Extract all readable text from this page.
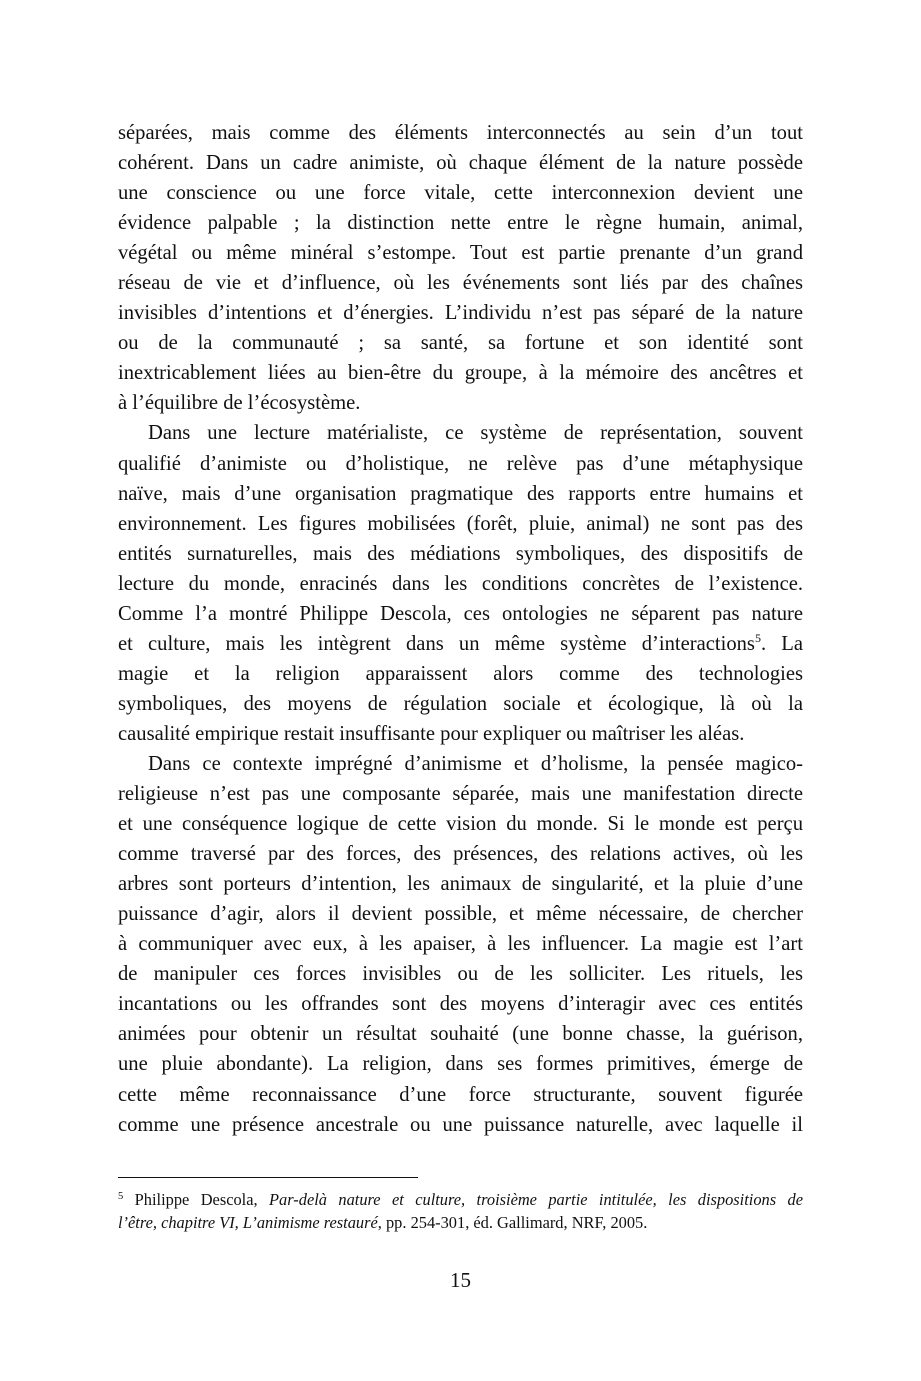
séparées, mais comme des éléments interconnectés au sein d’un tout
cohérent. Dans un cadre animiste, où chaque élément de la nature possède
une conscience ou une force vitale, cette interconnexion devient une
évidence palpable ; la distinction nette entre le règne humain, animal,
végétal ou même minéral s’estompe. Tout est partie prenante d’un grand
réseau de vie et d’influence, où les événements sont liés par des chaînes
invisibles d’intentions et d’énergies. L’individu n’est pas séparé de la nature
ou de la communauté ; sa santé, sa fortune et son identité sont
inextricablement liées au bien-être du groupe, à la mémoire des ancêtres et
à l’équilibre de l’écosystème.

Dans une lecture matérialiste, ce système de représentation, souvent
qualifié d’animiste ou d’holistique, ne relève pas d’une métaphysique
naïve, mais d’une organisation pragmatique des rapports entre humains et
environnement. Les figures mobilisées (forêt, pluie, animal) ne sont pas des
entités surnaturelles, mais des médiations symboliques, des dispositifs de
lecture du monde, enracinés dans les conditions concrètes de l’existence.
Comme l’a montré Philippe Descola, ces ontologies ne séparent pas nature
et culture, mais les intègrent dans un même système d’interactions$^5$. La
magie et la religion apparaissent alors comme des technologies
symboliques, des moyens de régulation sociale et écologique, là où la
causalité empirique restait insuffisante pour expliquer ou maîtriser les aléas.

Dans ce contexte imprégné d’animisme et d’holisme, la pensée magico-
religieuse n’est pas une composante séparée, mais une manifestation directe
et une conséquence logique de cette vision du monde. Si le monde est perçu
comme traversé par des forces, des présences, des relations actives, où les
arbres sont porteurs d’intention, les animaux de singularité, et la pluie d’une
puissance d’agir, alors il devient possible, et même nécessaire, de chercher
à communiquer avec eux, à les apaiser, à les influencer. La magie est l’art
de manipuler ces forces invisibles ou de les solliciter. Les rituels, les
incantations ou les offrandes sont des moyens d’interagir avec ces entités
animées pour obtenir un résultat souhaité (une bonne chasse, la guérison,
une pluie abondante). La religion, dans ses formes primitives, émerge de
cette même reconnaissance d’une force structurante, souvent figurée
comme une présence ancestrale ou une puissance naturelle, avec laquelle il

$^5$ Philippe Descola, Par-delà nature et culture, troisième partie intitulée, les dispositions de
l’être, chapitre VI, L’animisme restauré, pp. 254-301, éd. Gallimard, NRF, 2005.

15
